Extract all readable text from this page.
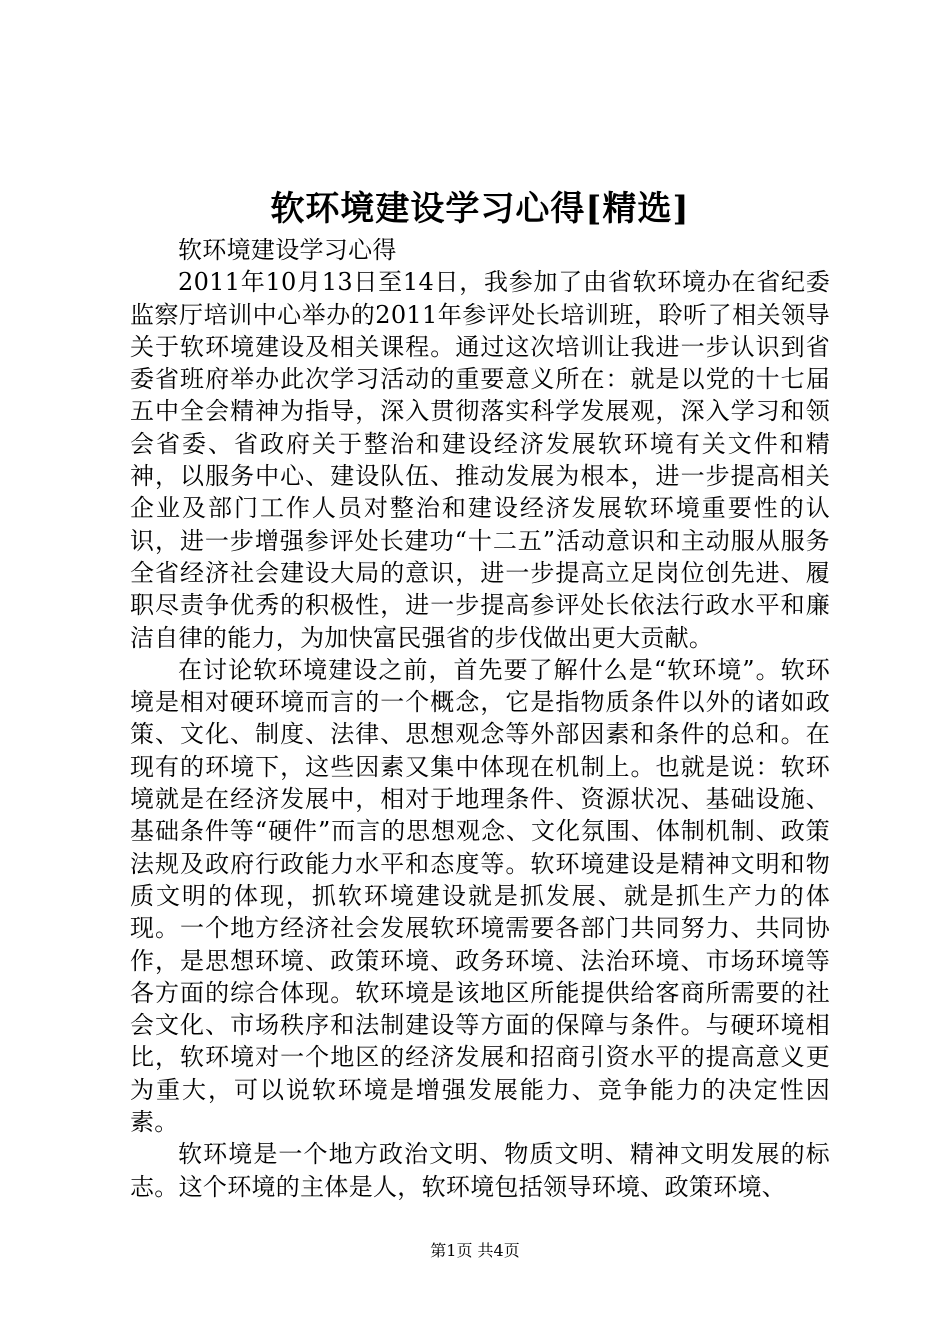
软环境建设学习心得[精选]

软环境建设学习心得

2011年10月13日至14日，我参加了由省软环境办在省纪委监察厅培训中心举办的2011年参评处长培训班，聆听了相关领导关于软环境建设及相关课程。通过这次培训让我进一步认识到省委省班府举办此次学习活动的重要意义所在：就是以党的十七届五中全会精神为指导，深入贯彻落实科学发展观，深入学习和领会省委、省政府关于整治和建设经济发展软环境有关文件和精神，以服务中心、建设队伍、推动发展为根本，进一步提高相关企业及部门工作人员对整治和建设经济发展软环境重要性的认识，进一步增强参评处长建功“十二五”活动意识和主动服从服务全省经济社会建设大局的意识，进一步提高立足岗位创先进、履职尽责争优秀的积极性，进一步提高参评处长依法行政水平和廉洁自律的能力，为加快富民强省的步伐做出更大贡献。

在讨论软环境建设之前，首先要了解什么是“软环境”。软环境是相对硬环境而言的一个概念，它是指物质条件以外的诸如政策、文化、制度、法律、思想观念等外部因素和条件的总和。在现有的环境下，这些因素又集中体现在机制上。也就是说：软环境就是在经济发展中，相对于地理条件、资源状况、基础设施、基础条件等“硬件”而言的思想观念、文化氛围、体制机制、政策法规及政府行政能力水平和态度等。软环境建设是精神文明和物质文明的体现，抓软环境建设就是抓发展、就是抓生产力的体现。一个地方经济社会发展软环境需要各部门共同努力、共同协作，是思想环境、政策环境、政务环境、法治环境、市场环境等各方面的综合体现。软环境是该地区所能提供给客商所需要的社会文化、市场秩序和法制建设等方面的保障与条件。与硬环境相比，软环境对一个地区的经济发展和招商引资水平的提高意义更为重大，可以说软环境是增强发展能力、竞争能力的决定性因素。

软环境是一个地方政治文明、物质文明、精神文明发展的标志。这个环境的主体是人，软环境包括领导环境、政策环境、

第1页 共4页
